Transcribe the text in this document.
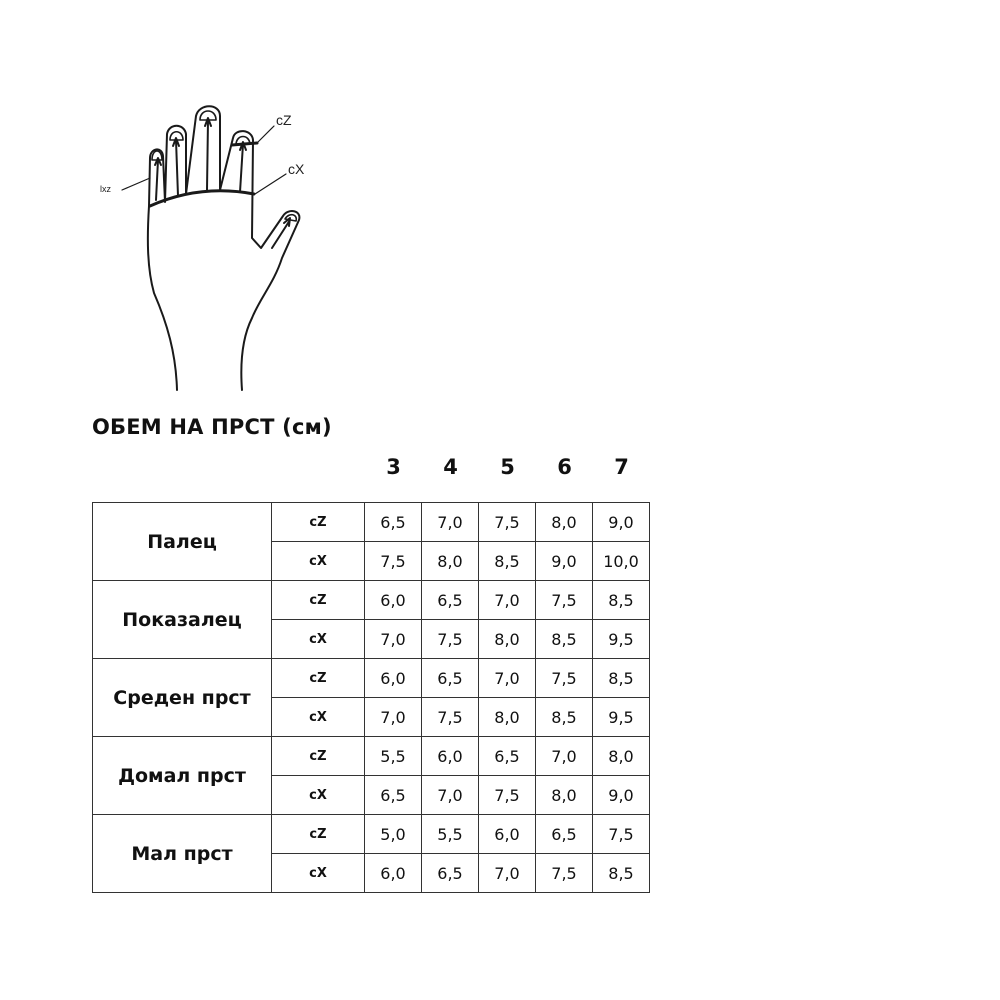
cZ
cX
lxz
ОБЕМ НА ПРСТ (см)
3	4	5	6	7
Палец	cZ	6,5	7,0	7,5	8,0	9,0
	cX	7,5	8,0	8,5	9,0	10,0
Показалец	cZ	6,0	6,5	7,0	7,5	8,5
	cX	7,0	7,5	8,0	8,5	9,5
Среден прст	cZ	6,0	6,5	7,0	7,5	8,5
	cX	7,0	7,5	8,0	8,5	9,5
Домал прст	cZ	5,5	6,0	6,5	7,0	8,0
	cX	6,5	7,0	7,5	8,0	9,0
Мал прст	cZ	5,0	5,5	6,0	6,5	7,5
	cX	6,0	6,5	7,0	7,5	8,5
